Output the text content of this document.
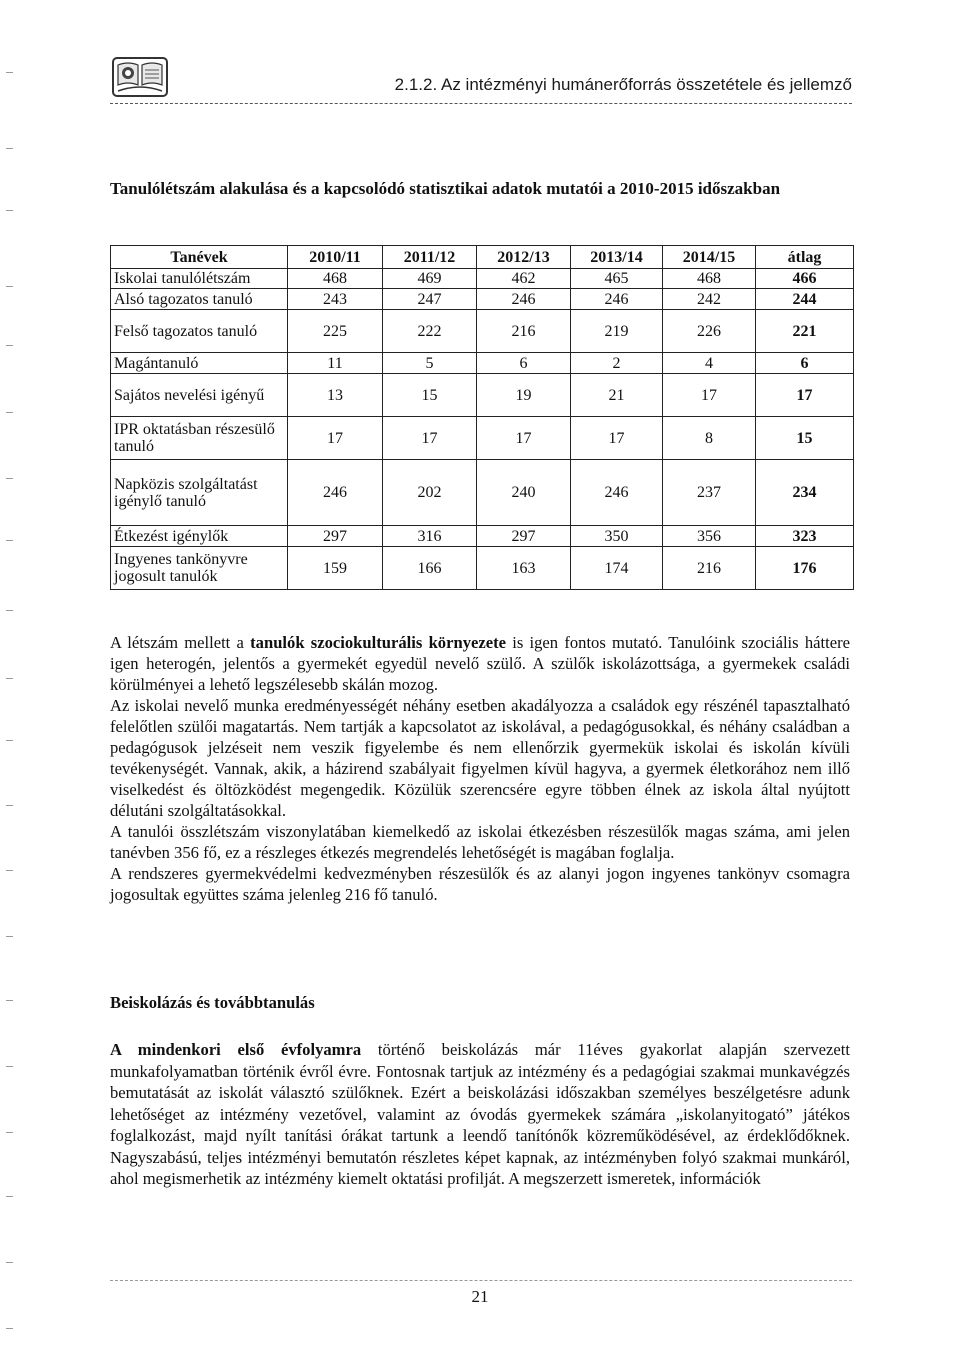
2.1.2. Az intézményi humánerőforrás összetétele és jellemző
Tanulólétszám alakulása és a kapcsolódó statisztikai adatok mutatói a 2010-2015 időszakban
Tanévek	2010/11	2011/12	2012/13	2013/14	2014/15	átlag
Iskolai tanulólétszám	468	469	462	465	468	466
Alsó tagozatos tanuló	243	247	246	246	242	244
Felső tagozatos tanuló	225	222	216	219	226	221
Magántanuló	11	5	6	2	4	6
Sajátos nevelési igényű	13	15	19	21	17	17
IPR oktatásban részesülő tanuló	17	17	17	17	8	15
Napközis szolgáltatást igénylő tanuló	246	202	240	246	237	234
Étkezést igénylők	297	316	297	350	356	323
Ingyenes tankönyvre jogosult tanulók	159	166	163	174	216	176

A létszám mellett a tanulók szociokulturális környezete is igen fontos mutató. Tanulóink szociális háttere igen heterogén, jelentős a gyermekét egyedül nevelő szülő. A szülők iskolázottsága, a gyermekek családi körülményei a lehető legszélesebb skálán mozog.

Az iskolai nevelő munka eredményességét néhány esetben akadályozza a családok egy részénél tapasztalható felelőtlen szülői magatartás. Nem tartják a kapcsolatot az iskolával, a pedagógusokkal, és néhány családban a pedagógusok jelzéseit nem veszik figyelembe és nem ellenőrzik gyermekük iskolai és iskolán kívüli tevékenységét. Vannak, akik, a házirend szabályait figyelmen kívül hagyva, a gyermek életkorához nem illő viselkedést és öltözködést megengedik. Közülük szerencsére egyre többen élnek az iskola által nyújtott délutáni szolgáltatásokkal.

A tanulói összlétszám viszonylatában kiemelkedő az iskolai étkezésben részesülők magas száma, ami jelen tanévben 356 fő, ez a részleges étkezés megrendelés lehetőségét is magában foglalja.

A rendszeres gyermekvédelmi kedvezményben részesülők és az alanyi jogon ingyenes tankönyv csomagra jogosultak együttes száma jelenleg 216 fő tanuló.

Beiskolázás és továbbtanulás

A mindenkori első évfolyamra történő beiskolázás már 11éves gyakorlat alapján szervezett munkafolyamatban történik évről évre. Fontosnak tartjuk az intézmény és a pedagógiai szakmai munkavégzés bemutatását az iskolát választó szülőknek. Ezért a beiskolázási időszakban személyes beszélgetésre adunk lehetőséget az intézmény vezetővel, valamint az óvodás gyermekek számára „iskolanyitogató” játékos foglalkozást, majd nyílt tanítási órákat tartunk a leendő tanítónők közreműködésével, az érdeklődőknek. Nagyszabású, teljes intézményi bemutatón részletes képet kapnak, az intézményben folyó szakmai munkáról, ahol megismerhetik az intézmény kiemelt oktatási profilját. A megszerzett ismeretek, információk

21
